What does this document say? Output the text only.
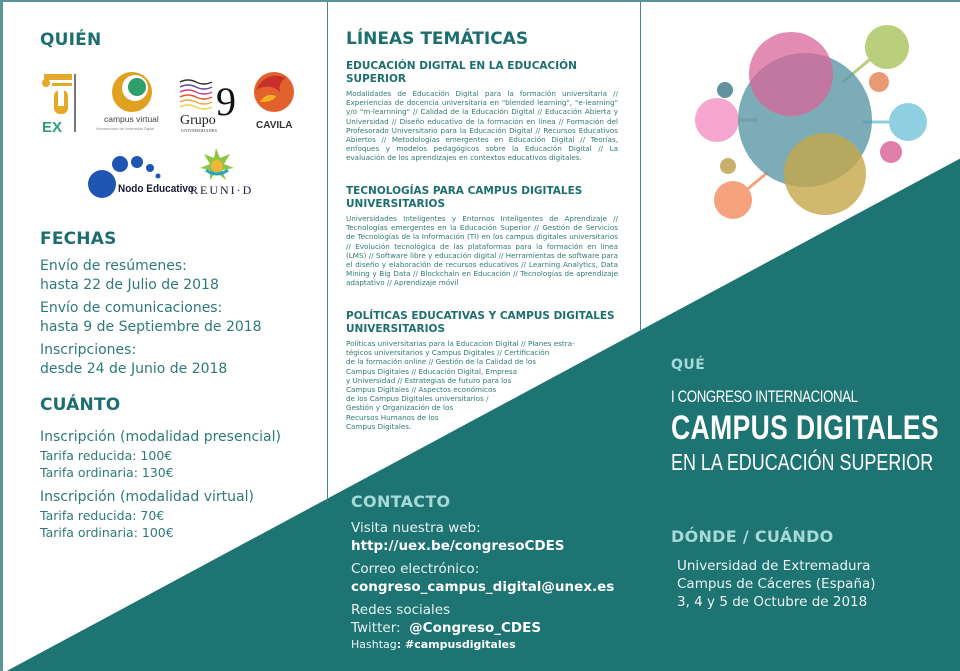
QUIÉN
EX	campus virtual
Vicerrectorado de Universidad Digital
Grupo 9
UNIVERSIDADES	CAVILA
Nodo Educativo
REUNI·D
FECHAS
Envío de resúmenes:
hasta 22 de Julio de 2018
Envío de comunicaciones:
hasta 9 de Septiembre de 2018
Inscripciones:
desde 24 de Junio de 2018
CUÁNTO
Inscripción (modalidad presencial)
Tarifa reducida: 100€
Tarifa ordinaria: 130€
Inscripción (modalidad virtual)
Tarifa reducida: 70€
Tarifa ordinaria: 100€
LÍNEAS TEMÁTICAS
EDUCACIÓN DIGITAL EN LA EDUCACIÓN SUPERIOR
Modalidades de Educación Digital para la formación universitaria // Experiencias de docencia universitaria en "blended learning", "e-learning" y/o "m-learnning" // Calidad de la Educación Digital // Educación Abierta y Universidad // Diseño educativo de la formación en línea // Formación del Profesorado Universitario para la Educación Digital // Recursos Educativos Abiertos // Metodologías emergentes en Educación Digital // Teorías, enfoques y modelos pedagógicos sobre la Educación Digital // La evaluación de los aprendizajes en contextos educativos digitales.
TECNOLOGÍAS PARA CAMPUS DIGITALES UNIVERSITARIOS
Universidades Inteligentes y Entornos Inteligentes de Aprendizaje // Tecnologías emergentes en la Educación Superior // Gestión de Servicios de Tecnologías de la Información (TI) en los campus digitales universitarios // Evolución tecnológica de las plataformas para la formación en línea (LMS) // Software libre y educación digital // Herramientas de software para el diseño y elaboración de recursos educativos // Learning Analytics, Data Mining y Big Data // Blockchain en Educación // Tecnologías de aprendizaje adaptativo // Aprendizaje móvil
POLÍTICAS EDUCATIVAS Y CAMPUS DIGITALES UNIVERSITARIOS
Políticas universitarias para la Educacion Digital // Planes estra-
tégicos universitarios y Campus Digitales // Certificación
de la formación online // Gestión de la Calidad de los
Campus Digitales // Educación Digital, Empresa
y Universidad // Estrategias de futuro para los
Campus Digitales // Aspectos económicos
de los Campus Digitales universitarios /
Gestión y Organización de los
Recursos Humanos de los
Campus Digitales.
CONTACTO
Visita nuestra web:
http://uex.be/congresoCDES
Correo electrónico:
congreso_campus_digital@unex.es
Redes sociales
Twitter: @Congreso_CDES
Hashtag: #campusdigitales
QUÉ
I CONGRESO INTERNACIONAL
CAMPUS DIGITALES
EN LA EDUCACIÓN SUPERIOR
DÓNDE / CUÁNDO
Universidad de Extremadura
Campus de Cáceres (España)
3, 4 y 5 de Octubre de 2018
